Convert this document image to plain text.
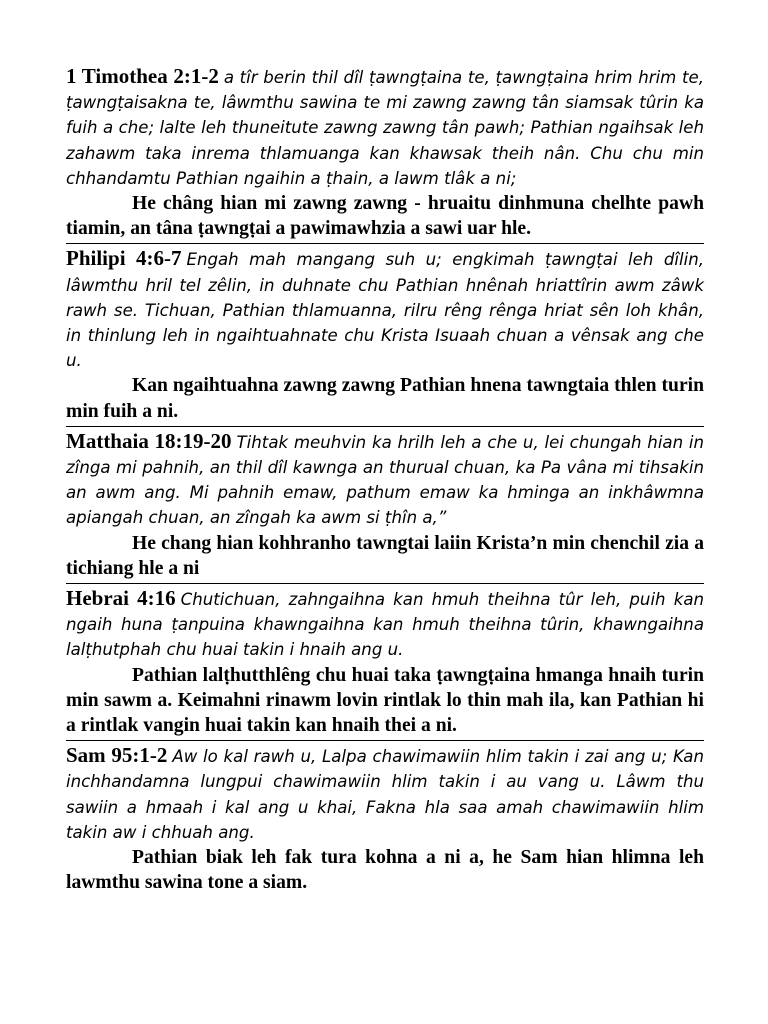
1 Timothea 2:1-2 a tîr berin thil dîl ṭawngṭaina te, ṭawngṭaina hrim hrim te, ṭawngṭaisakna te, lâwmthu sawina te mi zawng zawng tân siamsak tûrin ka fuih a che; lalte leh thuneitute zawng zawng tân pawh; Pathian ngaihsak leh zahawm taka inrema thlamuanga kan khawsak theih nân. Chu chu min chhandamtu Pathian ngaihin a ṭhain, a lawm tlâk a ni;

He châng hian mi zawng zawng - hruaitu dinhmuna chelhte pawh tiamin, an tâna ṭawngṭai a pawimawhzia a sawi uar hle.

Philipi 4:6-7 Engah mah mangang suh u; engkimah ṭawngṭai leh dîlin, lâwmthu hril tel zêlin, in duhnate chu Pathian hnênah hriattîrin awm zâwk rawh se. Tichuan, Pathian thlamuanna, rilru rêng rênga hriat sên loh khân, in thinlung leh in ngaihtuahnate chu Krista Isuaah chuan a vênsak ang che u.

Kan ngaihtuahna zawng zawng Pathian hnena tawngtaia thlen turin min fuih a ni.

Matthaia 18:19-20 Tihtak meuhvin ka hrilh leh a che u, lei chungah hian in zînga mi pahnih, an thil dîl kawnga an thurual chuan, ka Pa vâna mi tihsakin an awm ang. Mi pahnih emaw, pathum emaw ka hminga an inkhâwmna apiangah chuan, an zîngah ka awm si ṭhîn a,”

He chang hian kohhranho tawngtai laiin Krista’n min chenchil zia a tichiang hle a ni

Hebrai 4:16 Chutichuan, zahngaihna kan hmuh theihna tûr leh, puih kan ngaih huna ṭanpuina khawngaihna kan hmuh theihna tûrin, khawngaihna lalṭhutphah chu huai takin i hnaih ang u.

Pathian lalṭhutthlêng chu huai taka ṭawngṭaina hmanga hnaih turin min sawm a. Keimahni rinawm lovin rintlak lo thin mah ila, kan Pathian hi a rintlak vangin huai takin kan hnaih thei a ni.

Sam 95:1-2 Aw lo kal rawh u, Lalpa chawimawiin hlim takin i zai ang u; Kan inchhandamna lungpui chawimawiin hlim takin i au vang u. Lâwm thu sawiin a hmaah i kal ang u khai, Fakna hla saa amah chawimawiin hlim takin aw i chhuah ang.

Pathian biak leh fak tura kohna a ni a, he Sam hian hlimna leh lawmthu sawina tone a siam.
